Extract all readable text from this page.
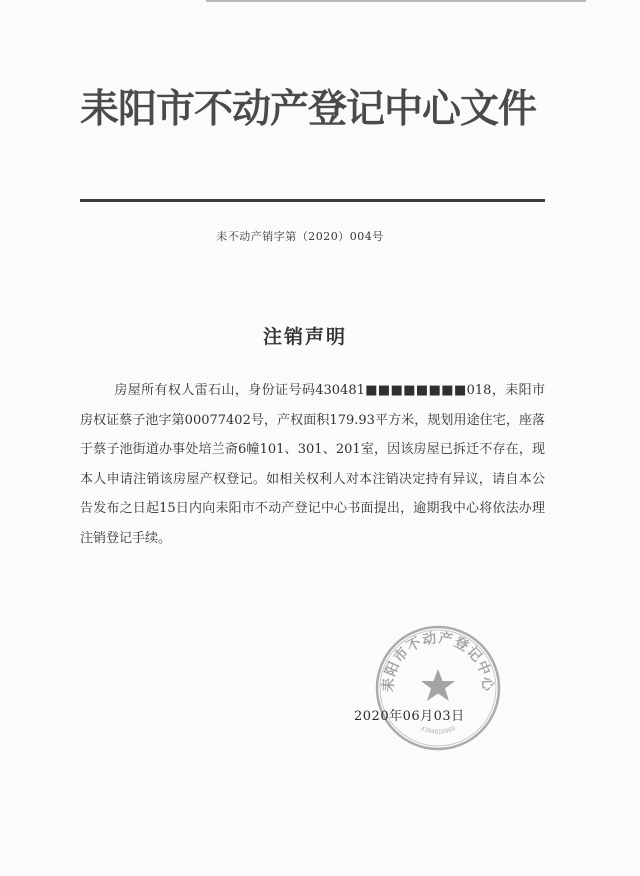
耒阳市不动产登记中心文件
耒不动产销字第（2020）004号
注销声明

房屋所有权人雷石山，身份证号码430481■■■■■■■■018，耒阳市房权证蔡子池字第00077402号，产权面积179.93平方米，规划用途住宅，座落于蔡子池街道办事处培兰斋6幢101、301、201室，因该房屋已拆迁不存在，现本人申请注销该房屋产权登记。如相关权利人对本注销决定持有异议，请自本公告发布之日起15日内向耒阳市不动产登记中心书面提出，逾期我中心将依法办理注销登记手续。

耒阳市不动产登记中心
4304810969
2020年06月03日
